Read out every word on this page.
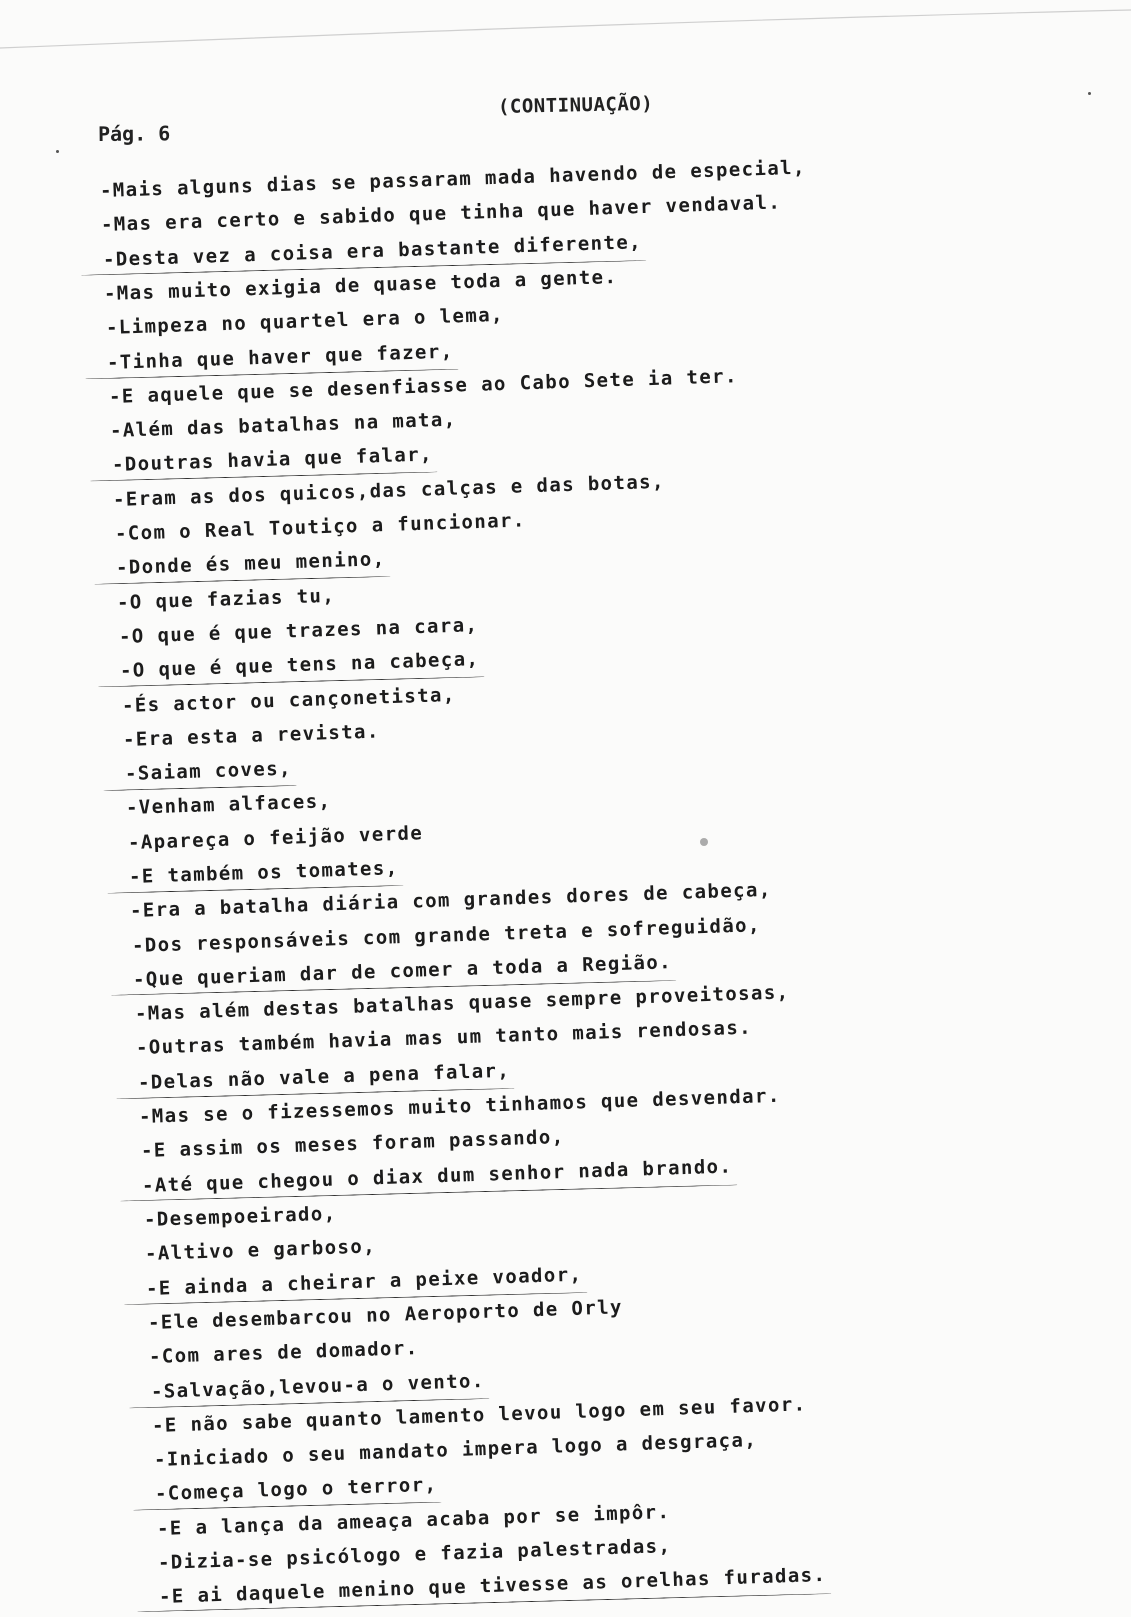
(CONTINUAÇÃO)
Pág. 6
-Mais alguns dias se passaram mada havendo de especial,
-Mas era certo e sabido que tinha que haver vendaval.
-Desta vez a coisa era bastante diferente,
-Mas muito exigia de quase toda a gente.
-Limpeza no quartel era o lema,
-Tinha que haver que fazer,
-E aquele que se desenfiasse ao Cabo Sete ia ter.
-Além das batalhas na mata,
-Doutras havia que falar,
-Eram as dos quicos,das calças e das botas,
-Com o Real Toutiço a funcionar.
-Donde és meu menino,
-O que fazias tu,
-O que é que trazes na cara,
-O que é que tens na cabeça,
-És actor ou cançonetista,
-Era esta a revista.
-Saiam coves,
-Venham alfaces,
-Apareça o feijão verde
-E também os tomates,
-Era a batalha diária com grandes dores de cabeça,
-Dos responsáveis com grande treta e sofreguidão,
-Que queriam dar de comer a toda a Região.
-Mas além destas batalhas quase sempre proveitosas,
-Outras também havia mas um tanto mais rendosas.
-Delas não vale a pena falar,
-Mas se o fizessemos muito tinhamos que desvendar.
-E assim os meses foram passando,
-Até que chegou o diax dum senhor nada brando.
-Desempoeirado,
-Altivo e garboso,
-E ainda a cheirar a peixe voador,
-Ele desembarcou no Aeroporto de Orly
-Com ares de domador.
-Salvação,levou-a o vento.
-E não sabe quanto lamento levou logo em seu favor.
-Iniciado o seu mandato impera logo a desgraça,
-Começa logo o terror,
-E a lança da ameaça acaba por se impôr.
-Dizia-se psicólogo e fazia palestradas,
-E ai daquele menino que tivesse as orelhas furadas.
